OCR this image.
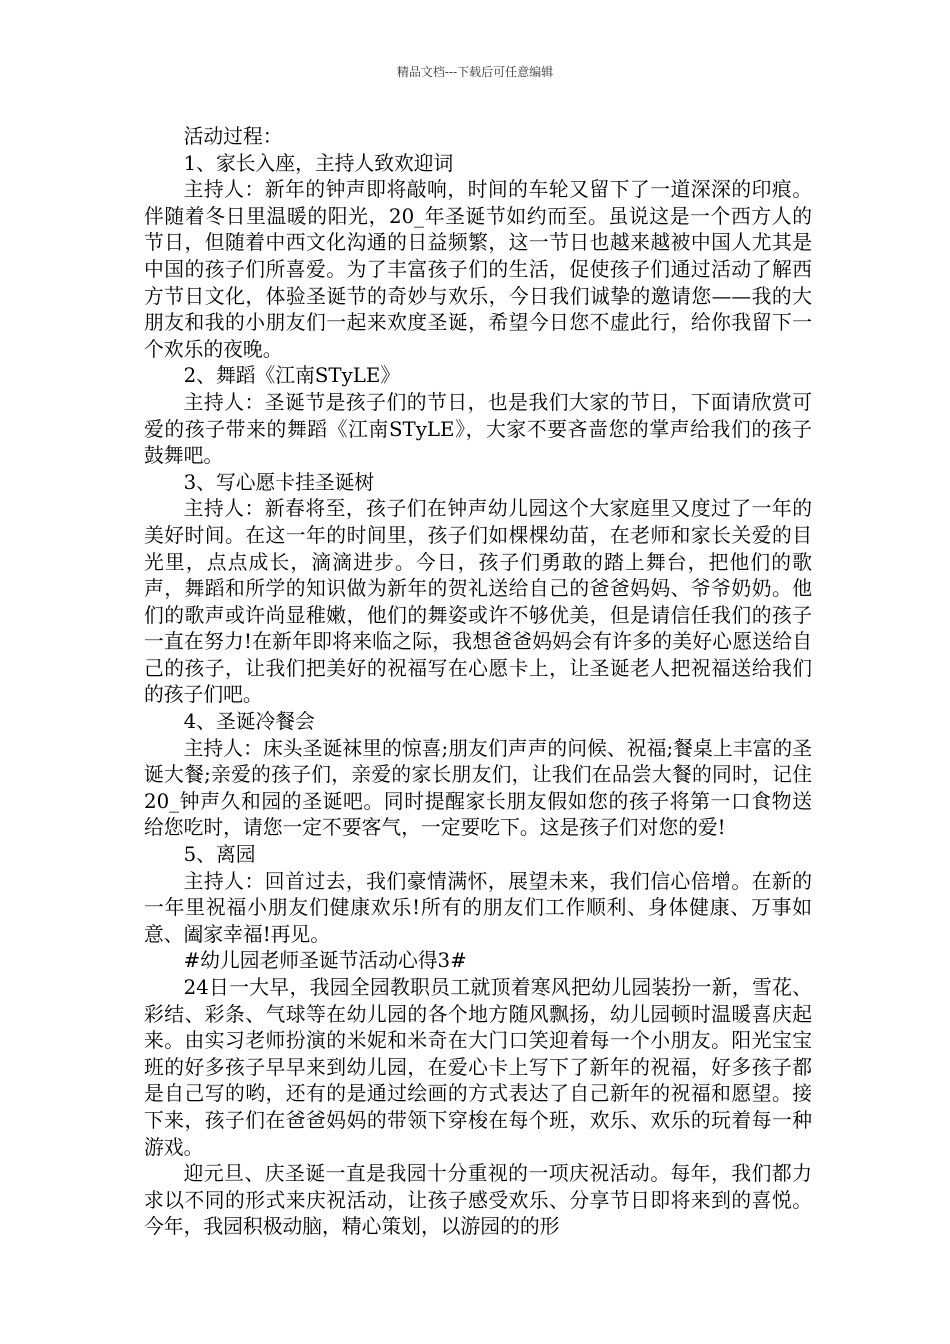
精品文档---下载后可任意编辑

活动过程：

1、家长入座，主持人致欢迎词

主持人：新年的钟声即将敲响，时间的车轮又留下了一道深深的印痕。伴随着冬日里温暖的阳光，20_年圣诞节如约而至。虽说这是一个西方人的节日，但随着中西文化沟通的日益频繁，这一节日也越来越被中国人尤其是中国的孩子们所喜爱。为了丰富孩子们的生活，促使孩子们通过活动了解西方节日文化，体验圣诞节的奇妙与欢乐，今日我们诚挚的邀请您——我的大朋友和我的小朋友们一起来欢度圣诞，希望今日您不虚此行，给你我留下一个欢乐的夜晚。

2、舞蹈《江南STyLE》

主持人：圣诞节是孩子们的节日，也是我们大家的节日，下面请欣赏可爱的孩子带来的舞蹈《江南STyLE》，大家不要吝啬您的掌声给我们的孩子鼓舞吧。

3、写心愿卡挂圣诞树

主持人：新春将至，孩子们在钟声幼儿园这个大家庭里又度过了一年的美好时间。在这一年的时间里，孩子们如棵棵幼苗，在老师和家长关爱的目光里，点点成长，滴滴进步。今日，孩子们勇敢的踏上舞台，把他们的歌声，舞蹈和所学的知识做为新年的贺礼送给自己的爸爸妈妈、爷爷奶奶。他们的歌声或许尚显稚嫩，他们的舞姿或许不够优美，但是请信任我们的孩子一直在努力!在新年即将来临之际，我想爸爸妈妈会有许多的美好心愿送给自己的孩子，让我们把美好的祝福写在心愿卡上，让圣诞老人把祝福送给我们的孩子们吧。

4、圣诞冷餐会

主持人：床头圣诞袜里的惊喜;朋友们声声的问候、祝福;餐桌上丰富的圣诞大餐;亲爱的孩子们，亲爱的家长朋友们，让我们在品尝大餐的同时，记住20_钟声久和园的圣诞吧。同时提醒家长朋友假如您的孩子将第一口食物送给您吃时，请您一定不要客气，一定要吃下。这是孩子们对您的爱!

5、离园

主持人：回首过去，我们豪情满怀，展望未来，我们信心倍增。在新的一年里祝福小朋友们健康欢乐!所有的朋友们工作顺利、身体健康、万事如意、阖家幸福!再见。

#幼儿园老师圣诞节活动心得3#

24日一大早，我园全园教职员工就顶着寒风把幼儿园装扮一新，雪花、彩结、彩条、气球等在幼儿园的各个地方随风飘扬，幼儿园顿时温暖喜庆起来。由实习老师扮演的米妮和米奇在大门口笑迎着每一个小朋友。阳光宝宝班的好多孩子早早来到幼儿园，在爱心卡上写下了新年的祝福，好多孩子都是自己写的哟，还有的是通过绘画的方式表达了自己新年的祝福和愿望。接下来，孩子们在爸爸妈妈的带领下穿梭在每个班，欢乐、欢乐的玩着每一种游戏。

迎元旦、庆圣诞一直是我园十分重视的一项庆祝活动。每年，我们都力求以不同的形式来庆祝活动，让孩子感受欢乐、分享节日即将来到的喜悦。今年，我园积极动脑，精心策划，以游园的的形
